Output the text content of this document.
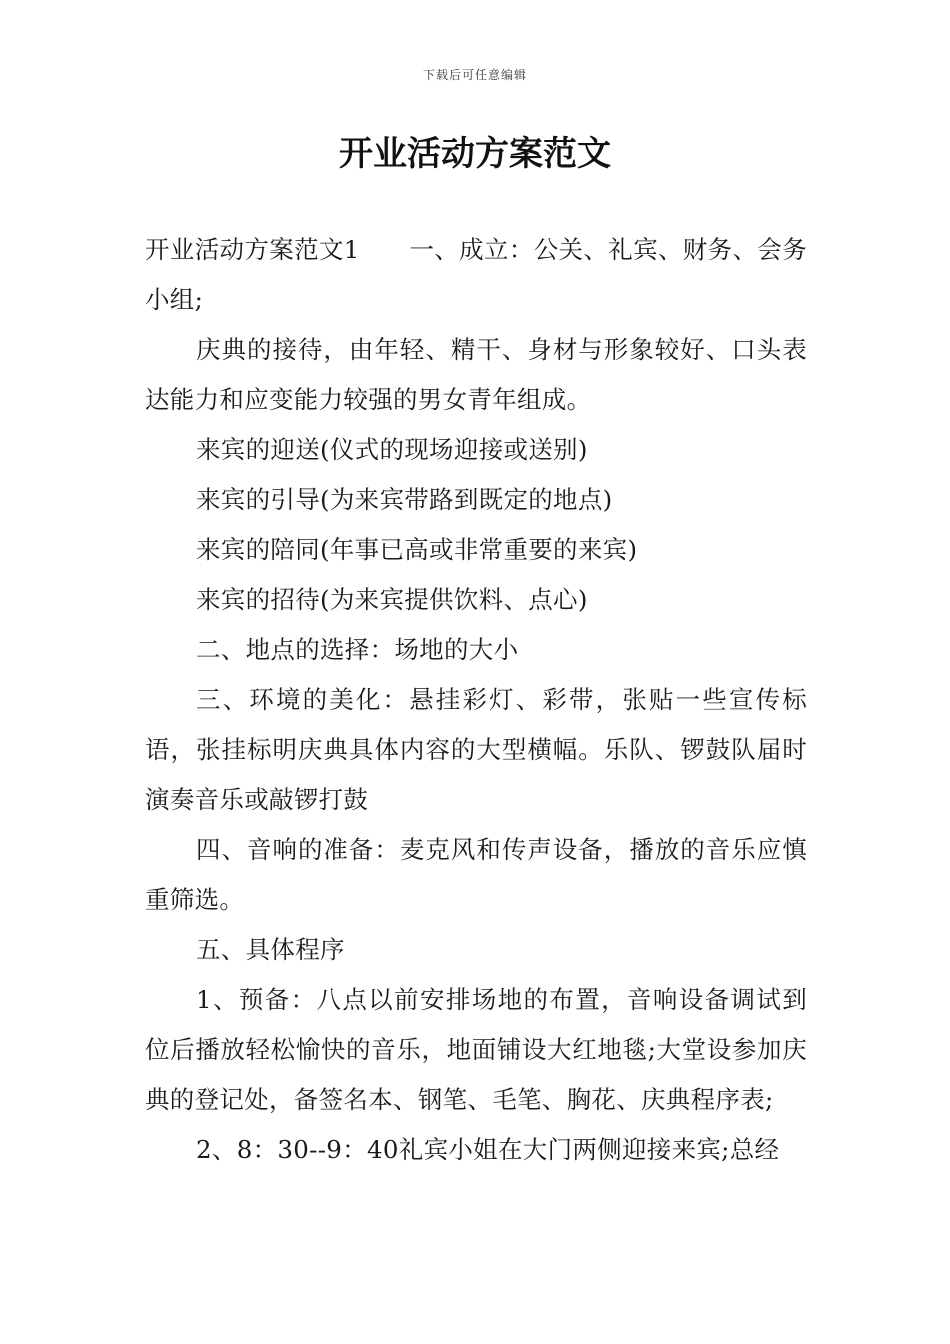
下载后可任意编辑
开业活动方案范文

开业活动方案范文1　　一、成立：公关、礼宾、财务、会务小组;

庆典的接待，由年轻、精干、身材与形象较好、口头表达能力和应变能力较强的男女青年组成。

来宾的迎送(仪式的现场迎接或送别)

来宾的引导(为来宾带路到既定的地点)

来宾的陪同(年事已高或非常重要的来宾)

来宾的招待(为来宾提供饮料、点心)

二、地点的选择：场地的大小

三、环境的美化：悬挂彩灯、彩带，张贴一些宣传标语，张挂标明庆典具体内容的大型横幅。乐队、锣鼓队届时演奏音乐或敲锣打鼓

四、音响的准备：麦克风和传声设备，播放的音乐应慎重筛选。

五、具体程序

1、预备：八点以前安排场地的布置，音响设备调试到位后播放轻松愉快的音乐，地面铺设大红地毯;大堂设参加庆典的登记处，备签名本、钢笔、毛笔、胸花、庆典程序表;

2、8：30--9：40礼宾小姐在大门两侧迎接来宾;总经
